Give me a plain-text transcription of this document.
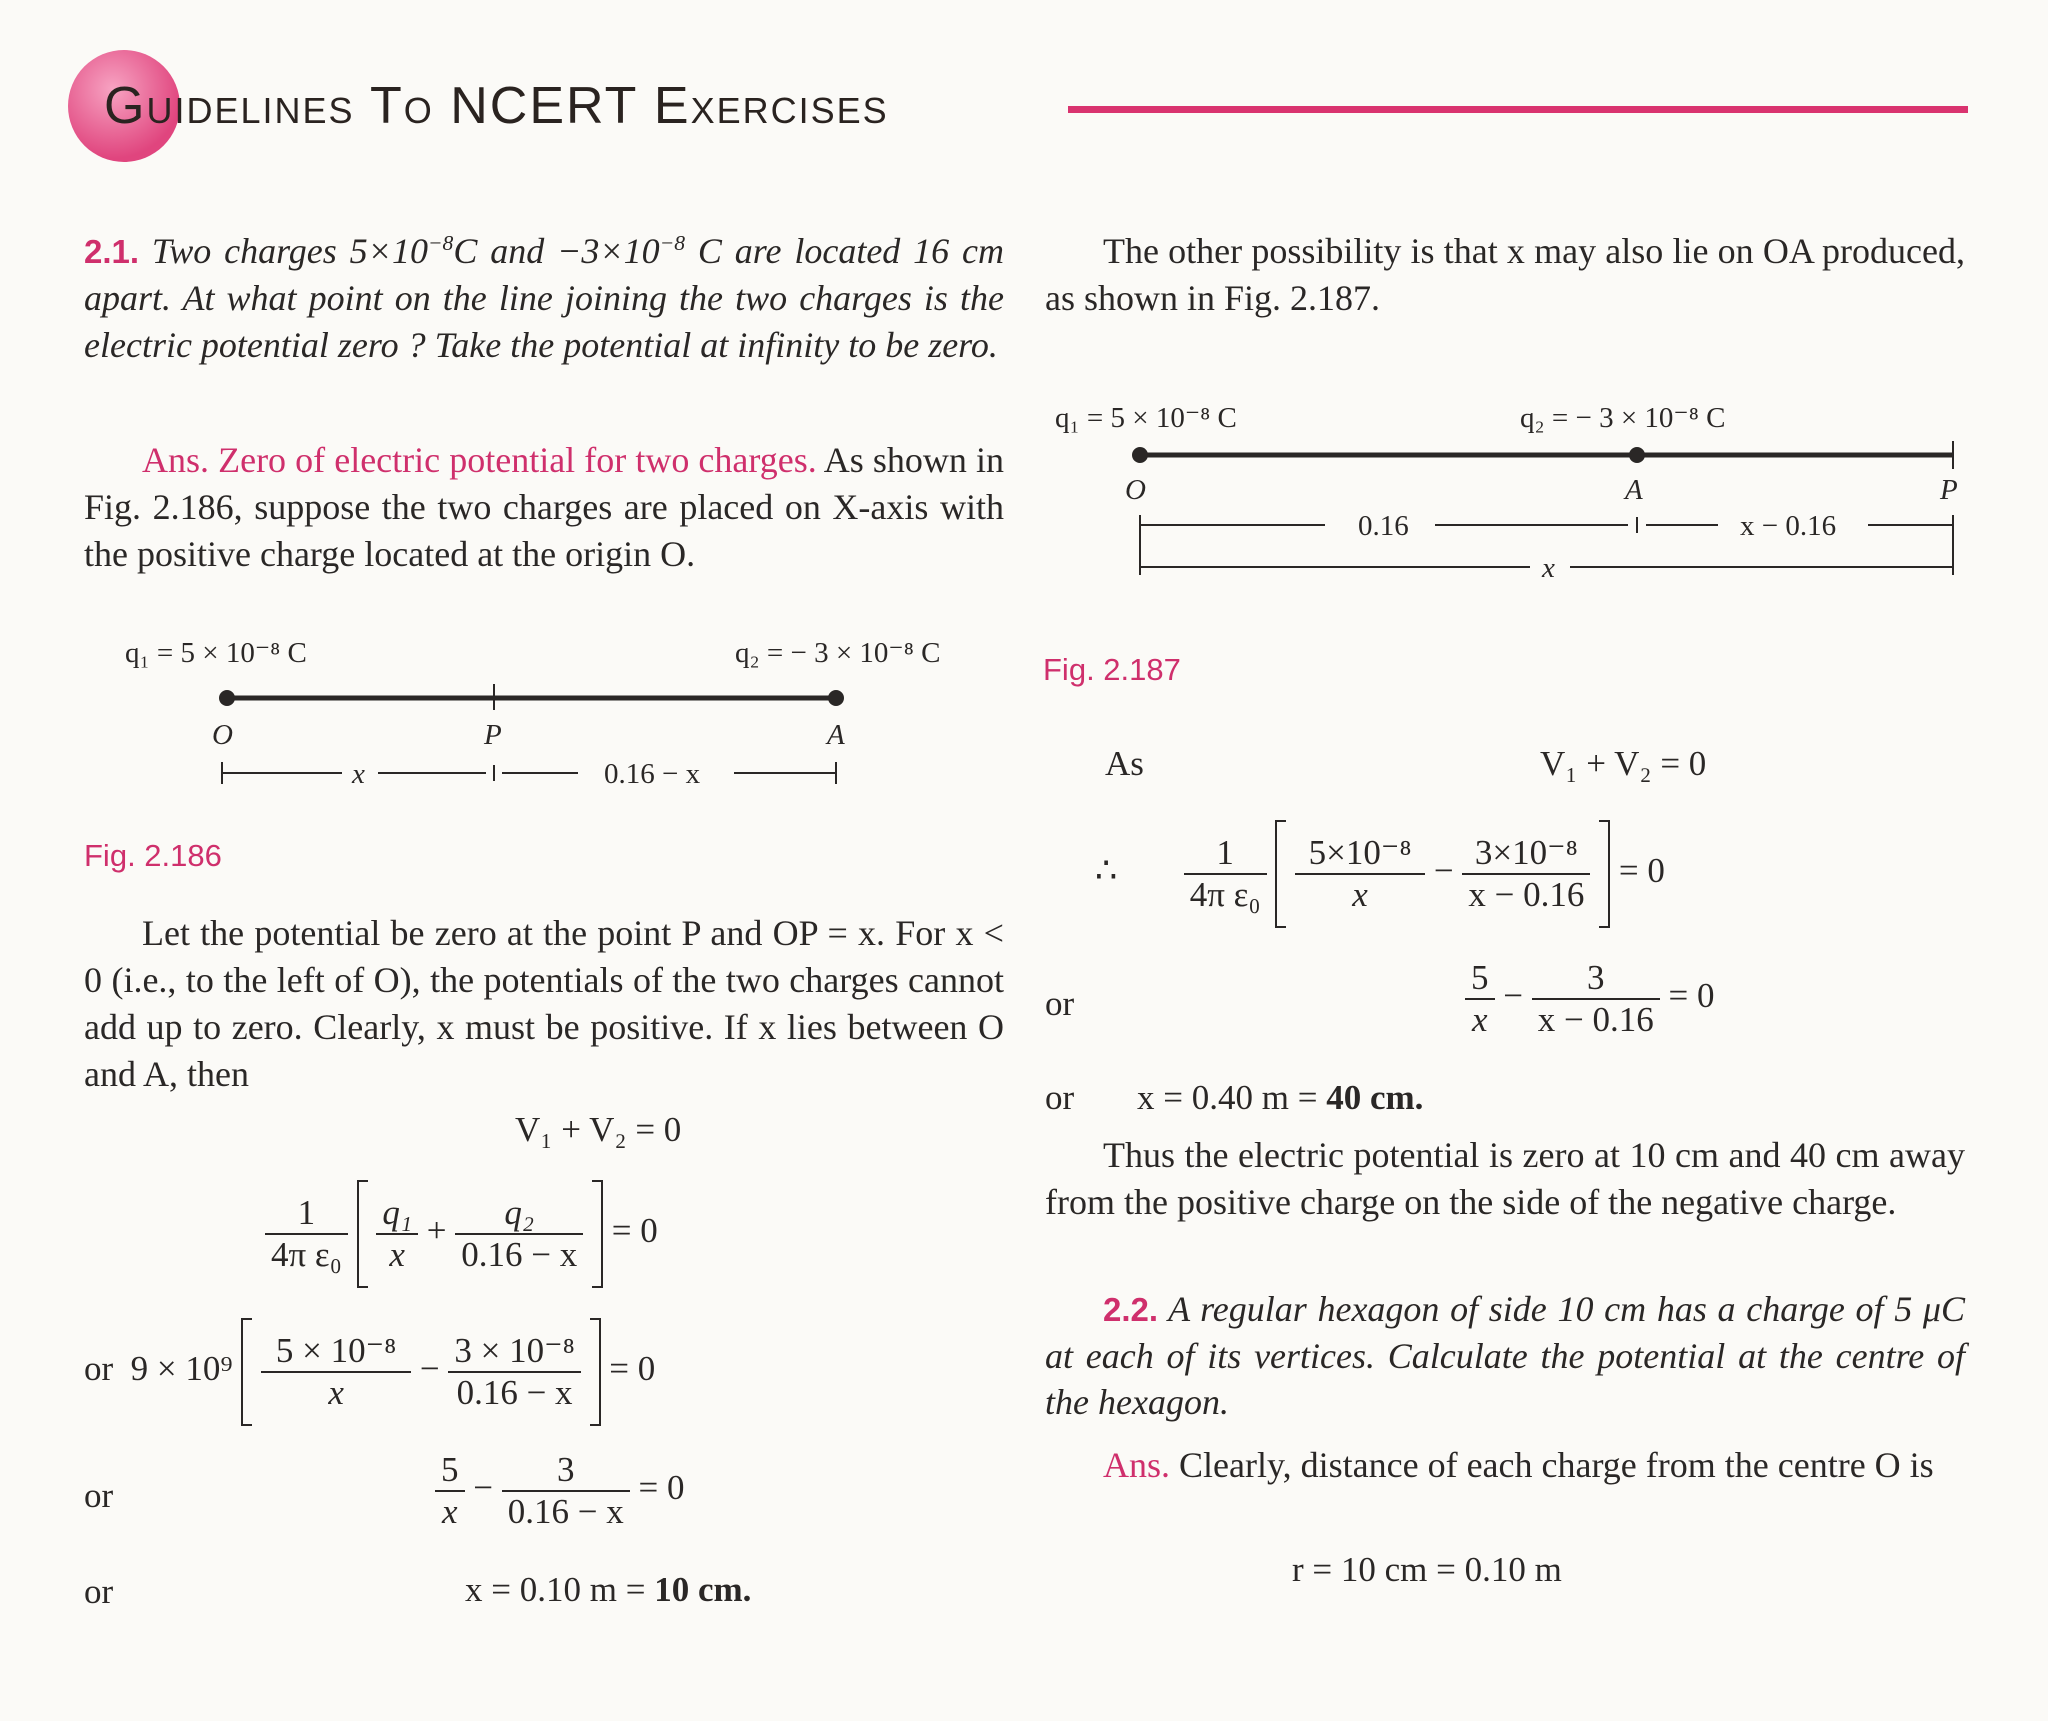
Guidelines To NCERT Exercises
2.1. Two charges $5\times 10^{-8}C$ and $-3\times 10^{-8}$ C are located 16 cm apart. At what point on the line joining the two charges is the electric potential zero ? Take the potential at infinity to be zero.
Ans. Zero of electric potential for two charges. As shown in Fig. 2.186, suppose the two charges are placed on X-axis with the positive charge located at the origin O.
q₁ = 5 × 10⁻⁸ C	q₂ = − 3 × 10⁻⁸ C
O	P	A
x	0.16 − x
Fig. 2.186
Let the potential be zero at the point P and OP = x. For x < 0 (i.e., to the left of O), the potentials of the two charges cannot add up to zero. Clearly, x must be positive. If x lies between O and A, then
V₁ + V₂ = 0
$\frac{1}{\text{4π ε₀}}$
$\frac{\text{q₁}}{x} + \frac{\text{q₂}}{0.16 - x} = 0$
or $9 \times 10^9 \frac{\text{5 × 10⁻⁸}}{x} - \frac{\text{3 × 10⁻⁸}}{0.16 - x} = 0$
or	$\frac{5}{x} - \frac{3}{0.16 - x} = 0$
or	x = 0.10 m = 10 cm.
The other possibility is that x may also lie on OA produced, as shown in Fig. 2.187.
q₁ = 5 × 10⁻⁸ C	q₂ = − 3 × 10⁻⁸ C
O	A	P
0.16	x − 0.16
x
Fig. 2.187
As	V₁ + V₂ = 0
∴ $\frac{1}{\text{4π ε₀}}$
$\frac{\text{5×10⁻⁸}}{x} - \frac{\text{3×10⁻⁸}}{x - 0.16} = 0$
or	$\frac{5}{x} - \frac{3}{x - 0.16} = 0$
or x = 0.40 m = 40 cm.
Thus the electric potential is zero at 10 cm and 40 cm away from the positive charge on the side of the negative charge.
2.2. A regular hexagon of side 10 cm has a charge of 5 μC at each of its vertices. Calculate the potential at the centre of the hexagon.
Ans. Clearly, distance of each charge from the centre O is
r = 10 cm = 0.10 m
